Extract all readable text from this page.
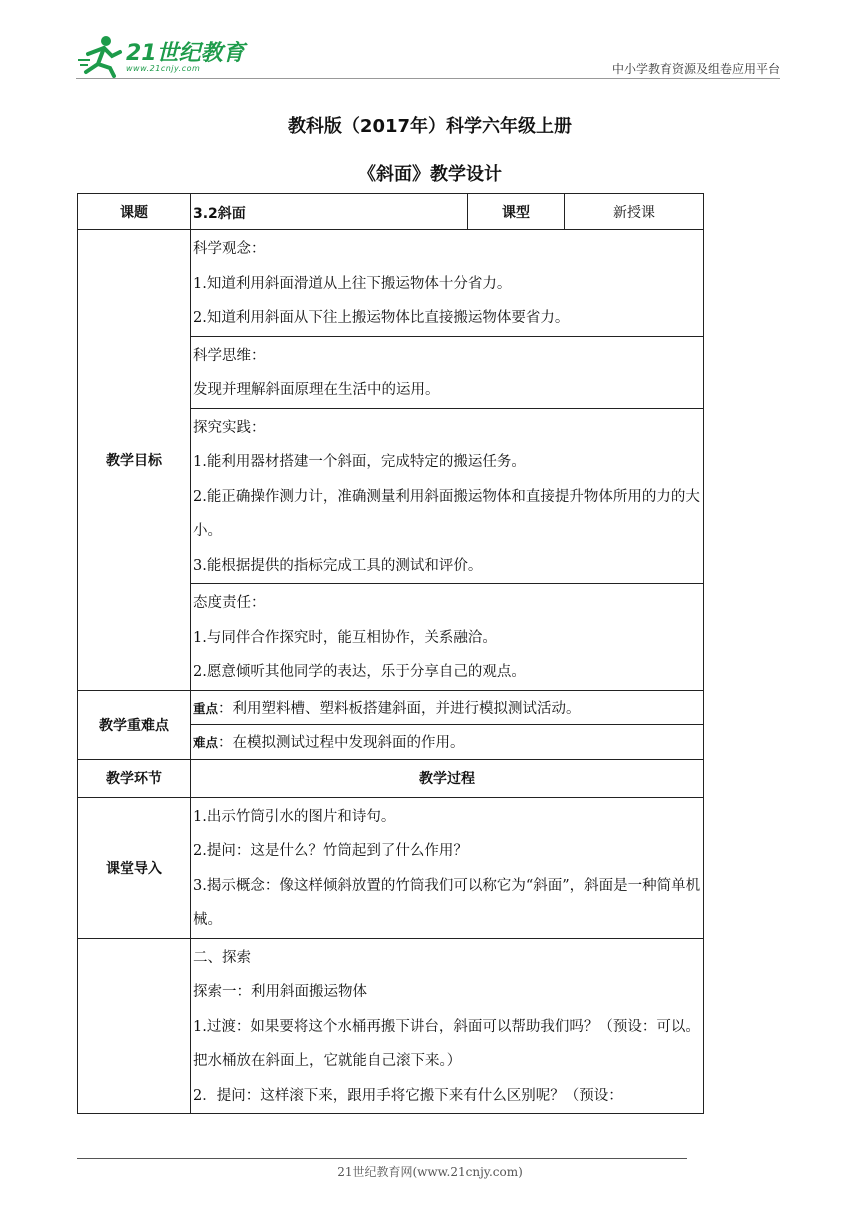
21世纪教育
www.21cnjy.com	中小学教育资源及组卷应用平台
教科版（2017年）科学六年级上册
《斜面》教学设计
课题	3.2斜面	课型	新授课
教学目标	科学观念：
1.知道利用斜面滑道从上往下搬运物体十分省力。
2.知道利用斜面从下往上搬运物体比直接搬运物体要省力。		

	科学思维：
发现并理解斜面原理在生活中的运用。		

	探究实践：
1.能利用器材搭建一个斜面，完成特定的搬运任务。
2.能正确操作测力计，准确测量利用斜面搬运物体和直接提升物体所用的力的大小。
3.能根据提供的指标完成工具的测试和评价。		

	态度责任：
1.与同伴合作探究时，能互相协作，关系融洽。
2.愿意倾听其他同学的表达，乐于分享自己的观点。		

教学重难点	重点：利用塑料槽、塑料板搭建斜面，并进行模拟测试活动。		
	难点：在模拟测试过程中发现斜面的作用。		
教学环节	教学过程		
课堂导入	1.出示竹筒引水的图片和诗句。
2.提问：这是什么？竹筒起到了什么作用？
3.揭示概念：像这样倾斜放置的竹筒我们可以称它为“斜面”，斜面是一种简单机械。		

	二、探索
探索一：利用斜面搬运物体
1.过渡：如果要将这个水桶再搬下讲台，斜面可以帮助我们吗？（预设：可以。把水桶放在斜面上，它就能自己滚下来。）
2．提问：这样滚下来，跟用手将它搬下来有什么区别呢？（预设：		
21世纪教育网(www.21cnjy.com)
